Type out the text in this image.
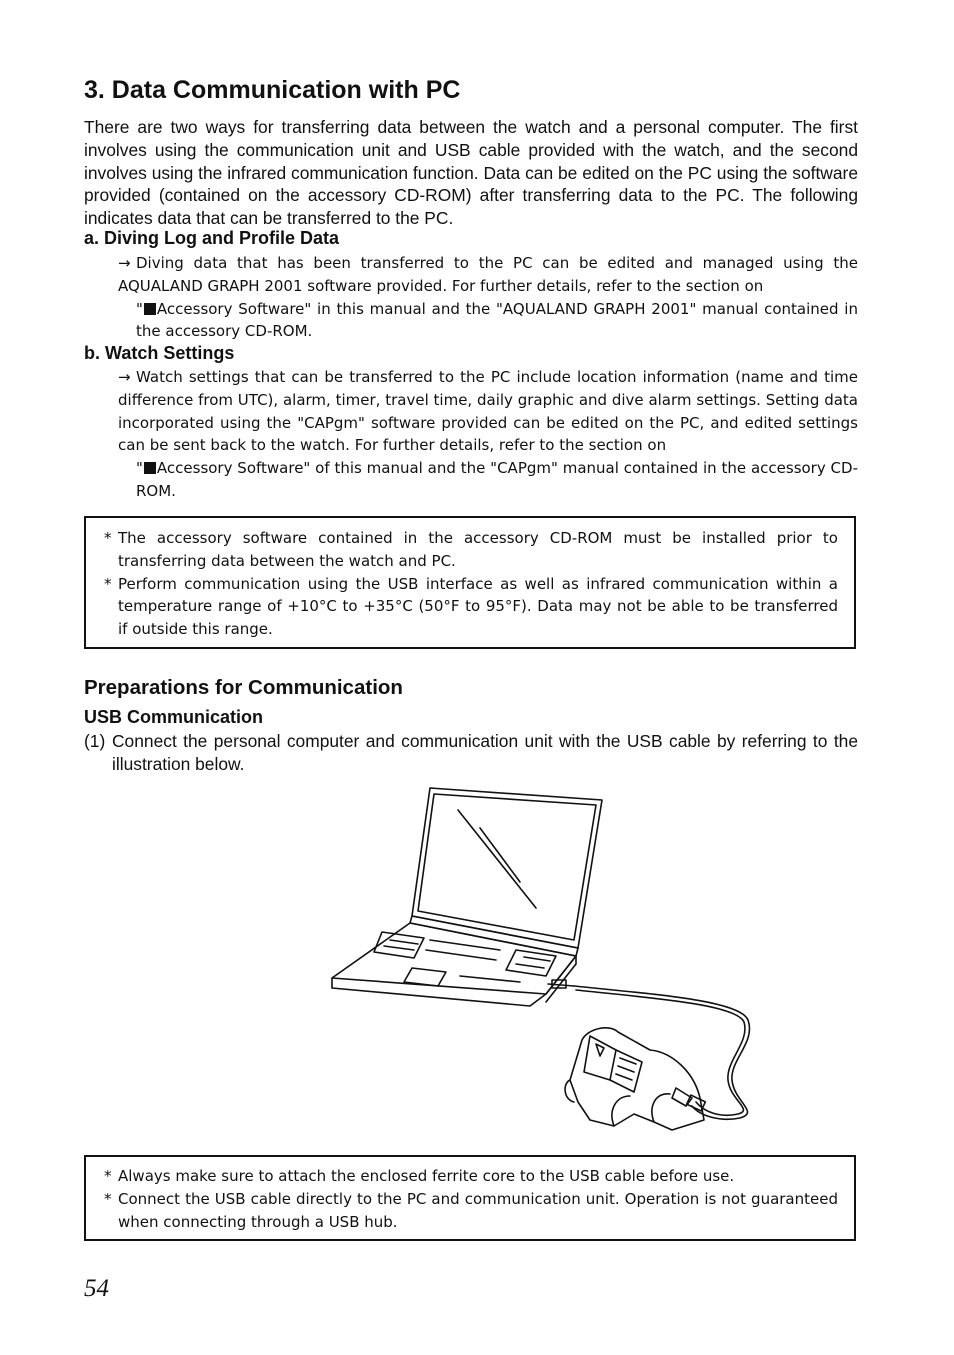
3. Data Communication with PC

There are two ways for transferring data between the watch and a personal computer. The first involves using the communication unit and USB cable provided with the watch, and the second involves using the infrared communication function. Data can be edited on the PC using the software provided (contained on the accessory CD-ROM) after transferring data to the PC. The following indicates data that can be transferred to the PC.

a. Diving Log and Profile Data

→ Diving data that has been transferred to the PC can be edited and managed using the AQUALAND GRAPH 2001 software provided. For further details, refer to the section on
" Accessory Software" in this manual and the "AQUALAND GRAPH 2001" manual contained in the accessory CD-ROM.

b. Watch Settings

→ Watch settings that can be transferred to the PC include location information (name and time difference from UTC), alarm, timer, travel time, daily graphic and dive alarm settings. Setting data incorporated using the "CAPgm" software provided can be edited on the PC, and edited settings can be sent back to the watch. For further details, refer to the section on
" Accessory Software" of this manual and the "CAPgm" manual contained in the accessory CD-ROM.

* The accessory software contained in the accessory CD-ROM must be installed prior to transferring data between the watch and PC.
* Perform communication using the USB interface as well as infrared communication within a temperature range of +10°C to +35°C (50°F to 95°F). Data may not be able to be transferred if outside this range.
Preparations for Communication
USB Communication

(1) Connect the personal computer and communication unit with the USB cable by referring to the illustration below.

* Always make sure to attach the enclosed ferrite core to the USB cable before use.
* Connect the USB cable directly to the PC and communication unit. Operation is not guaranteed when connecting through a USB hub.
54
